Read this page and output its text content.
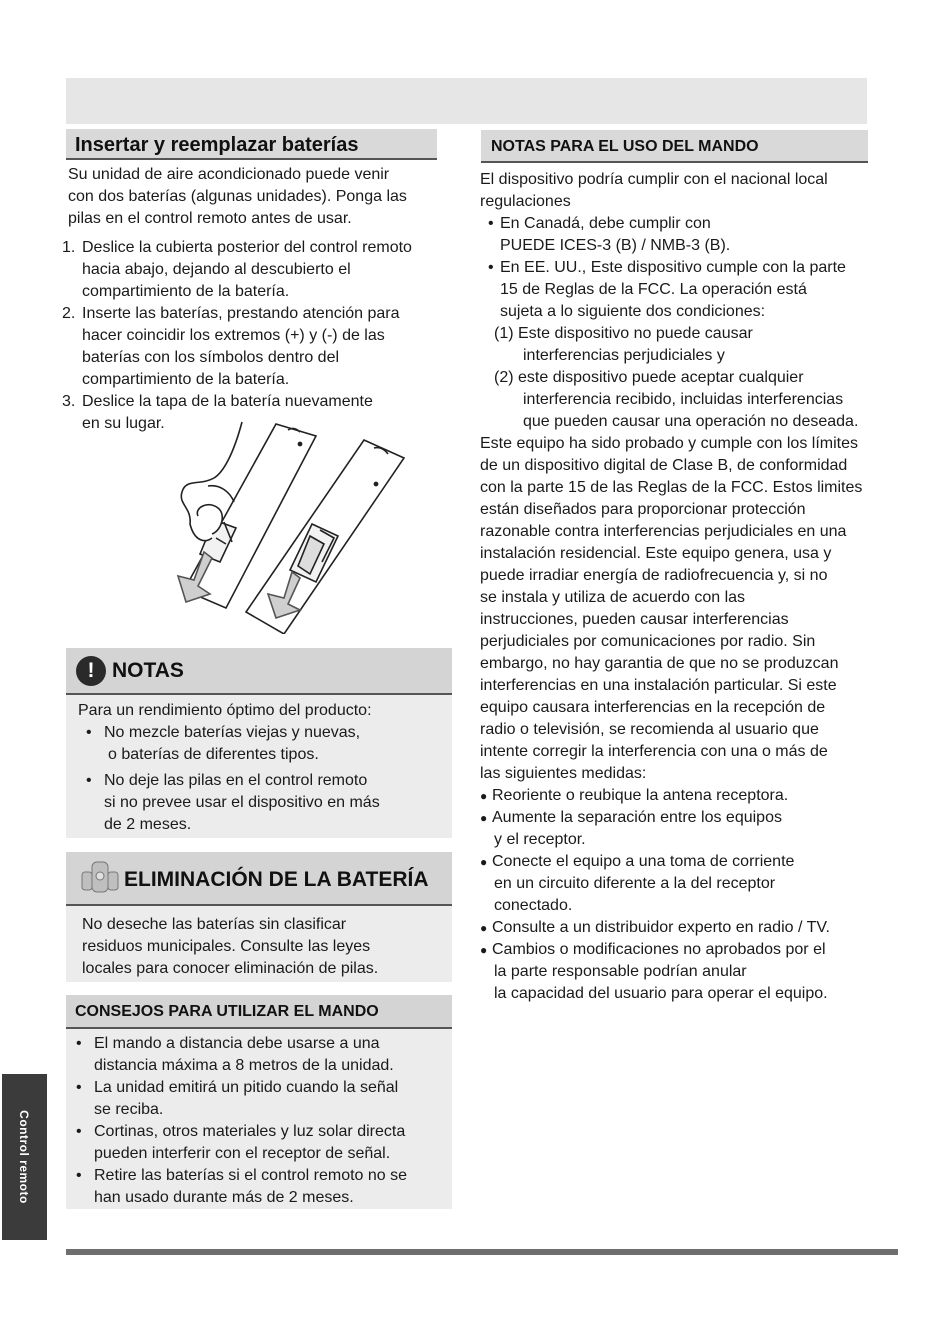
Insertar y reemplazar baterías
Su unidad de aire acondicionado puede venir
con dos baterías (algunas unidades). Ponga las
pilas en el control remoto antes de usar.
1. Deslice la cubierta posterior del control remoto
hacia abajo, dejando al descubierto el
compartimiento de la batería.
2. Inserte las baterías, prestando atención para
hacer coincidir los extremos (+) y (-) de las
baterías con los símbolos dentro del
compartimiento de la batería.
3. Deslice la tapa de la batería nuevamente
en su lugar.
! NOTAS
Para un rendimiento óptimo del producto:
• No mezcle baterías viejas y nuevas,
o baterías de diferentes tipos.
• No deje las pilas en el control remoto
si no prevee usar el dispositivo en más
de 2 meses.
ELIMINACIÓN DE LA BATERÍA
No deseche las baterías sin clasificar
residuos municipales. Consulte las leyes
locales para conocer eliminación de pilas.
CONSEJOS PARA UTILIZAR EL MANDO
• El mando a distancia debe usarse a una
distancia máxima a 8 metros de la unidad.
• La unidad emitirá un pitido cuando la señal
se reciba.
• Cortinas, otros materiales y luz solar directa
pueden interferir con el receptor de señal.
• Retire las baterías si el control remoto no se
han usado durante más de 2 meses.
Control remoto
NOTAS PARA EL USO DEL MANDO

El dispositivo podría cumplir con el nacional local

regulaciones

• En Canadá, debe cumplir con
PUEDE ICES-3 (B) / NMB-3 (B).
• En EE. UU., Este dispositivo cumple con la parte
15 de Reglas de la FCC. La operación está
sujeta a lo siguiente dos condiciones:

(1) Este dispositivo no puede causar

interferencias perjudiciales y

(2) este dispositivo puede aceptar cualquier

interferencia recibido, incluidas interferencias

que pueden causar una operación no deseada.

Este equipo ha sido probado y cumple con los límites

de un dispositivo digital de Clase B, de conformidad

con la parte 15 de las Reglas de la FCC. Estos limites

están diseñados para proporcionar protección

razonable contra interferencias perjudiciales en una

instalación residencial. Este equipo genera, usa y

puede irradiar energía de radiofrecuencia y, si no

se instala y utiliza de acuerdo con las

instrucciones, pueden causar interferencias

perjudiciales por comunicaciones por radio. Sin

embargo, no hay garantia de que no se produzcan

interferencias en una instalación particular. Si este

equipo causara interferencias en la recepción de

radio o televisión, se recomienda al usuario que

intente corregir la interferencia con una o más de

las siguientes medidas:

● Reoriente o reubique la antena receptora.

● Aumente la separación entre los equipos

y el receptor.

● Conecte el equipo a una toma de corriente

en un circuito diferente a la del receptor

conectado.

● Consulte a un distribuidor experto en radio / TV.

● Cambios o modificaciones no aprobados por el

la parte responsable podrían anular

la capacidad del usuario para operar el equipo.
